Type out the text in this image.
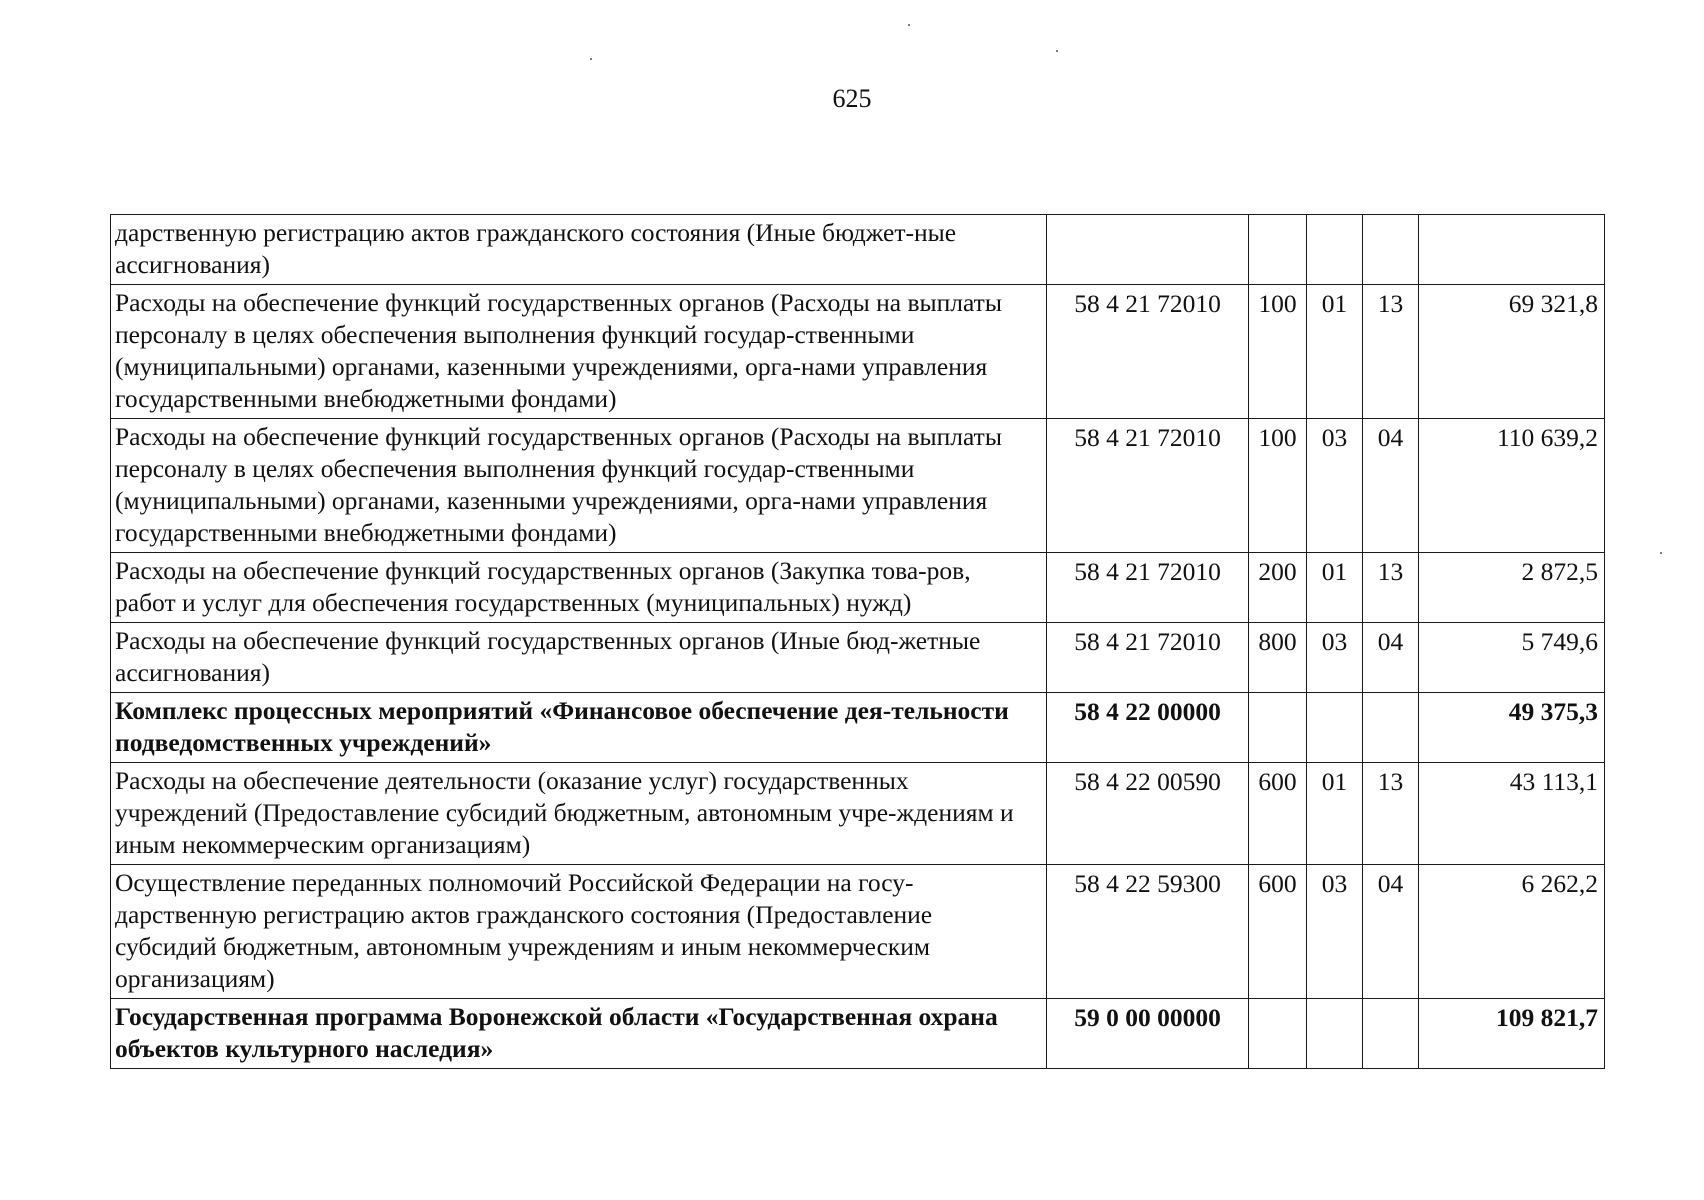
625
дарственную регистрацию актов гражданского состояния (Иные бюджет-ные ассигнования)					
Расходы на обеспечение функций государственных органов (Расходы на выплаты персоналу в целях обеспечения выполнения функций государ-ственными (муниципальными) органами, казенными учреждениями, орга-нами управления государственными внебюджетными фондами)	58 4 21 72010	100	01	13	69 321,8
Расходы на обеспечение функций государственных органов (Расходы на выплаты персоналу в целях обеспечения выполнения функций государ-ственными (муниципальными) органами, казенными учреждениями, орга-нами управления государственными внебюджетными фондами)	58 4 21 72010	100	03	04	110 639,2
Расходы на обеспечение функций государственных органов (Закупка това-ров, работ и услуг для обеспечения государственных (муниципальных) нужд)	58 4 21 72010	200	01	13	2 872,5
Расходы на обеспечение функций государственных органов (Иные бюд-жетные ассигнования)	58 4 21 72010	800	03	04	5 749,6
Комплекс процессных мероприятий «Финансовое обеспечение дея-тельности подведомственных учреждений»	58 4 22 00000				49 375,3
Расходы на обеспечение деятельности (оказание услуг) государственных учреждений (Предоставление субсидий бюджетным, автономным учре-ждениям и иным некоммерческим организациям)	58 4 22 00590	600	01	13	43 113,1
Осуществление переданных полномочий Российской Федерации на госу-дарственную регистрацию актов гражданского состояния (Предоставление субсидий бюджетным, автономным учреждениям и иным некоммерческим организациям)	58 4 22 59300	600	03	04	6 262,2
Государственная программа Воронежской области «Государственная охрана объектов культурного наследия»	59 0 00 00000				109 821,7
